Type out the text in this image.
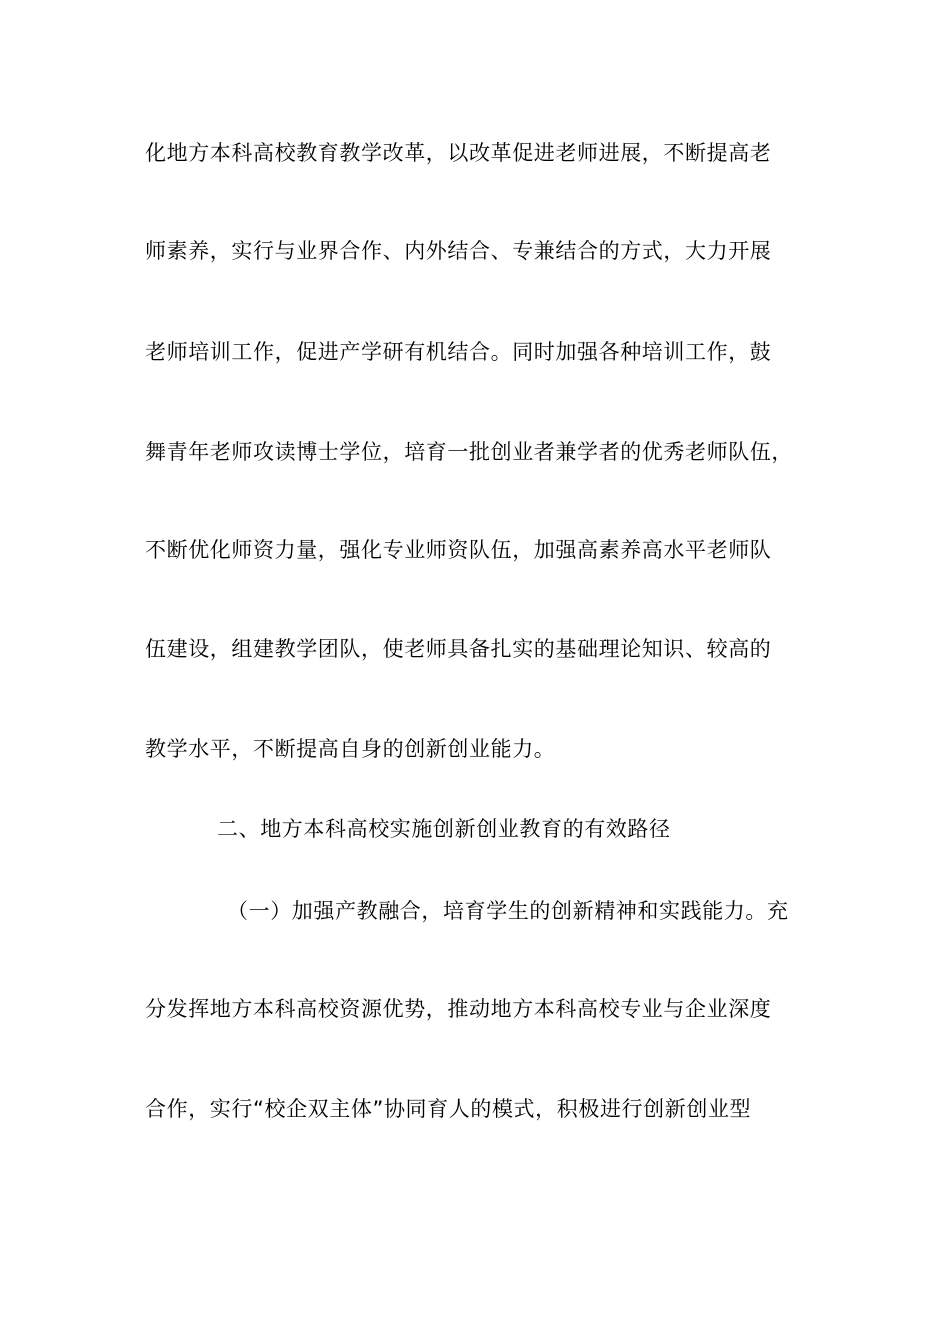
化地方本科高校教育教学改革，以改革促进老师进展，不断提高老
师素养，实行与业界合作、内外结合、专兼结合的方式，大力开展
老师培训工作，促进产学研有机结合。同时加强各种培训工作，鼓
舞青年老师攻读博士学位，培育一批创业者兼学者的优秀老师队伍，
不断优化师资力量，强化专业师资队伍，加强高素养高水平老师队
伍建设，组建教学团队，使老师具备扎实的基础理论知识、较高的
教学水平，不断提高自身的创新创业能力。
二、地方本科高校实施创新创业教育的有效路径
（一）加强产教融合，培育学生的创新精神和实践能力。充
分发挥地方本科高校资源优势，推动地方本科高校专业与企业深度
合作，实行“校企双主体”协同育人的模式，积极进行创新创业型
